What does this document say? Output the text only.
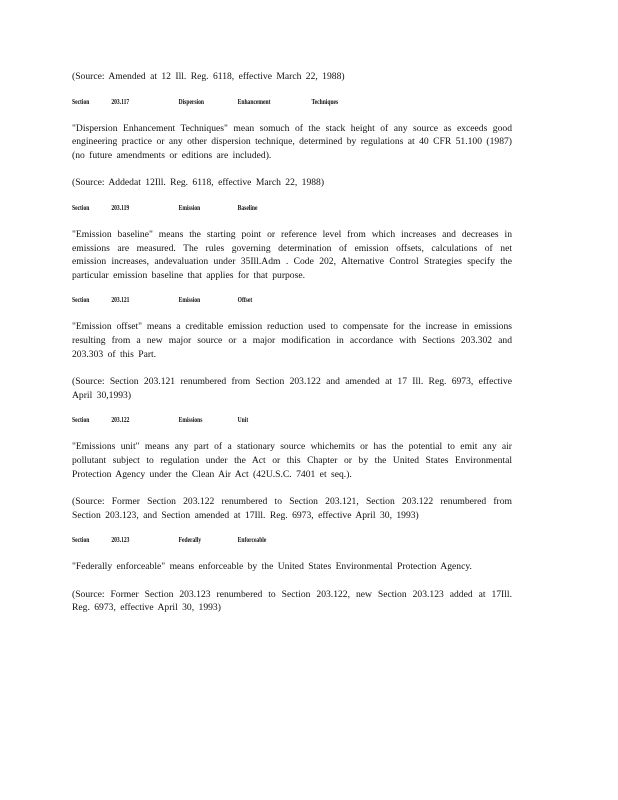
(Source: Amended at 12 Ill. Reg. 6118, effective March 22, 1988)

Section	203.117	Dispersion	Enhancement	Techniques

"Dispersion Enhancement Techniques" mean somuch of the stack height of any source as exceeds good engineering practice or any other dispersion technique, determined by regulations at 40 CFR 51.100 (1987) (no future amendments or editions are included).

(Source: Addedat 12Ill. Reg. 6118, effective March 22, 1988)

Section	203.119	Emission	Baseline

"Emission baseline" means the starting point or reference level from which increases and decreases in emissions are measured. The rules governing determination of emission offsets, calculations of net emission increases, andevaluation under 35Ill.Adm . Code 202, Alternative Control Strategies specify the particular emission baseline that applies for that purpose.

Section	203.121	Emission	Offset

"Emission offset" means a creditable emission reduction used to compensate for the increase in emissions resulting from a new major source or a major modification in accordance with Sections 203.302 and 203.303 of this Part.

(Source: Section 203.121 renumbered from Section 203.122 and amended at 17 Ill. Reg. 6973, effective April 30,1993)

Section	203.122	Emissions	Unit

"Emissions unit" means any part of a stationary source whichemits or has the potential to emit any air pollutant subject to regulation under the Act or this Chapter or by the United States Environmental Protection Agency under the Clean Air Act (42U.S.C. 7401 et seq.).

(Source: Former Section 203.122 renumbered to Section 203.121, Section 203.122 renumbered from Section 203.123, and Section amended at 17Ill. Reg. 6973, effective April 30, 1993)

Section	203.123	Federally	Enforceable

"Federally enforceable" means enforceable by the United States Environmental Protection Agency.

(Source: Former Section 203.123 renumbered to Section 203.122, new Section 203.123 added at 17Ill. Reg. 6973, effective April 30, 1993)
